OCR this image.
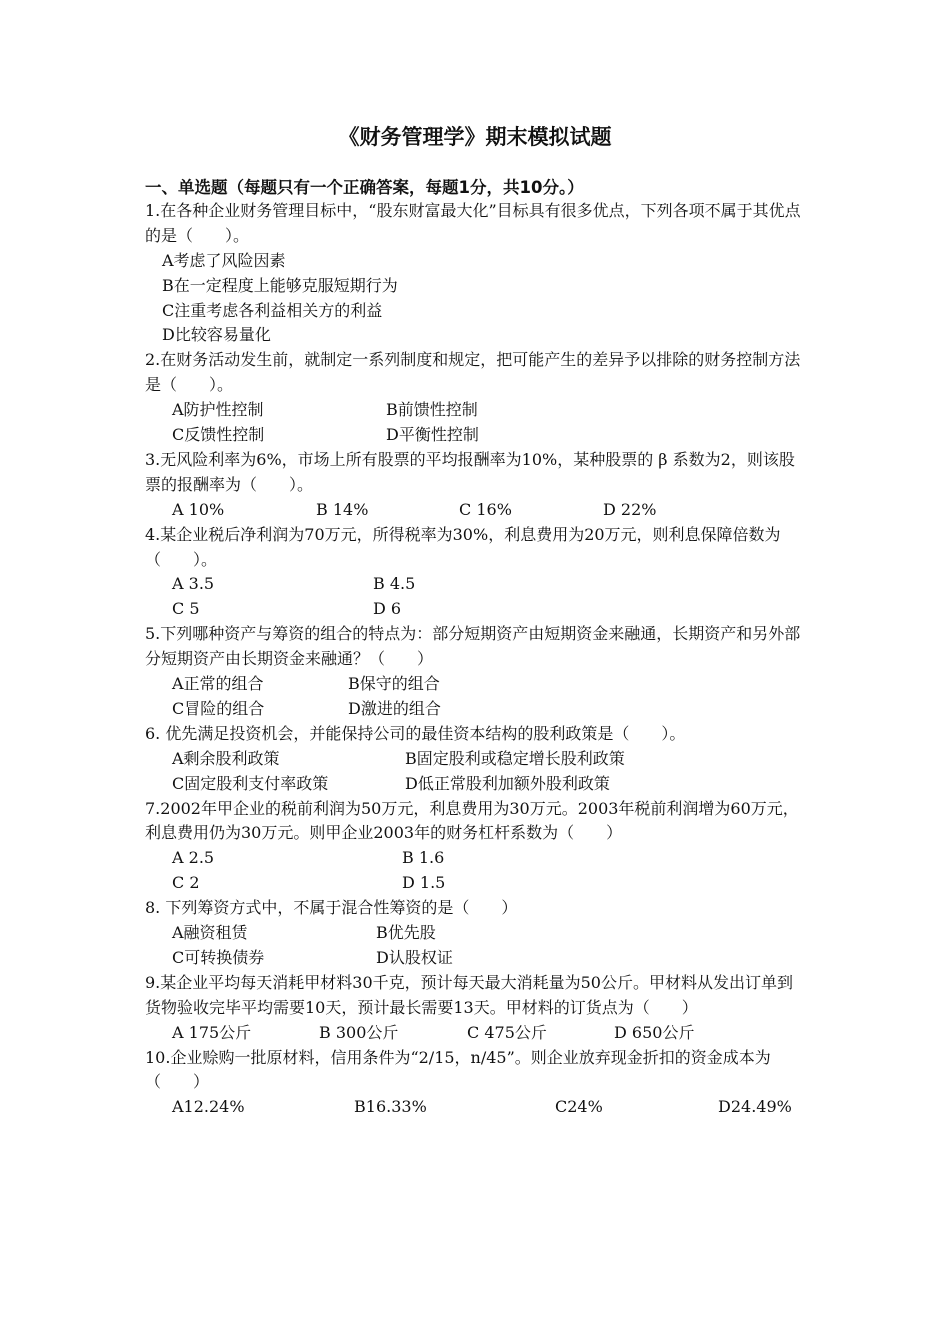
《财务管理学》期末模拟试题
一、单选题（每题只有一个正确答案，每题1分，共10分。）

1.在各种企业财务管理目标中，“股东财富最大化”目标具有很多优点，下列各项不属于其优点的是（　　）。

A考虑了风险因素
B在一定程度上能够克服短期行为
C注重考虑各利益相关方的利益
D比较容易量化

2.在财务活动发生前，就制定一系列制度和规定，把可能产生的差异予以排除的财务控制方法是（　　）。

A防护性控制	B前馈性控制
C反馈性控制	D平衡性控制

3.无风险利率为6%，市场上所有股票的平均报酬率为10%，某种股票的 β 系数为2，则该股票的报酬率为（　　）。

A 10%	B 14%	C 16%	D 22%

4.某企业税后净利润为70万元，所得税率为30%，利息费用为20万元，则利息保障倍数为（　　）。

A 3.5	B 4.5
C 5	D 6

5.下列哪种资产与筹资的组合的特点为：部分短期资产由短期资金来融通，长期资产和另外部分短期资产由长期资金来融通？（　　）

A正常的组合	B保守的组合
C冒险的组合	D激进的组合

6. 优先满足投资机会，并能保持公司的最佳资本结构的股利政策是（　　）。

A剩余股利政策	B固定股利或稳定增长股利政策
C固定股利支付率政策	D低正常股利加额外股利政策

7.2002年甲企业的税前利润为50万元，利息费用为30万元。2003年税前利润增为60万元，利息费用仍为30万元。则甲企业2003年的财务杠杆系数为（　　）

A 2.5	B 1.6
C 2	D 1.5

8. 下列筹资方式中，不属于混合性筹资的是（　　）

A融资租赁	B优先股
C可转换债券	D认股权证

9.某企业平均每天消耗甲材料30千克，预计每天最大消耗量为50公斤。甲材料从发出订单到货物验收完毕平均需要10天，预计最长需要13天。甲材料的订货点为（　　）

A 175公斤	B 300公斤	C 475公斤	D 650公斤

10.企业赊购一批原材料，信用条件为“2/15，n/45”。则企业放弃现金折扣的资金成本为（　　）

A12.24%	B16.33%	C24%	D24.49%
